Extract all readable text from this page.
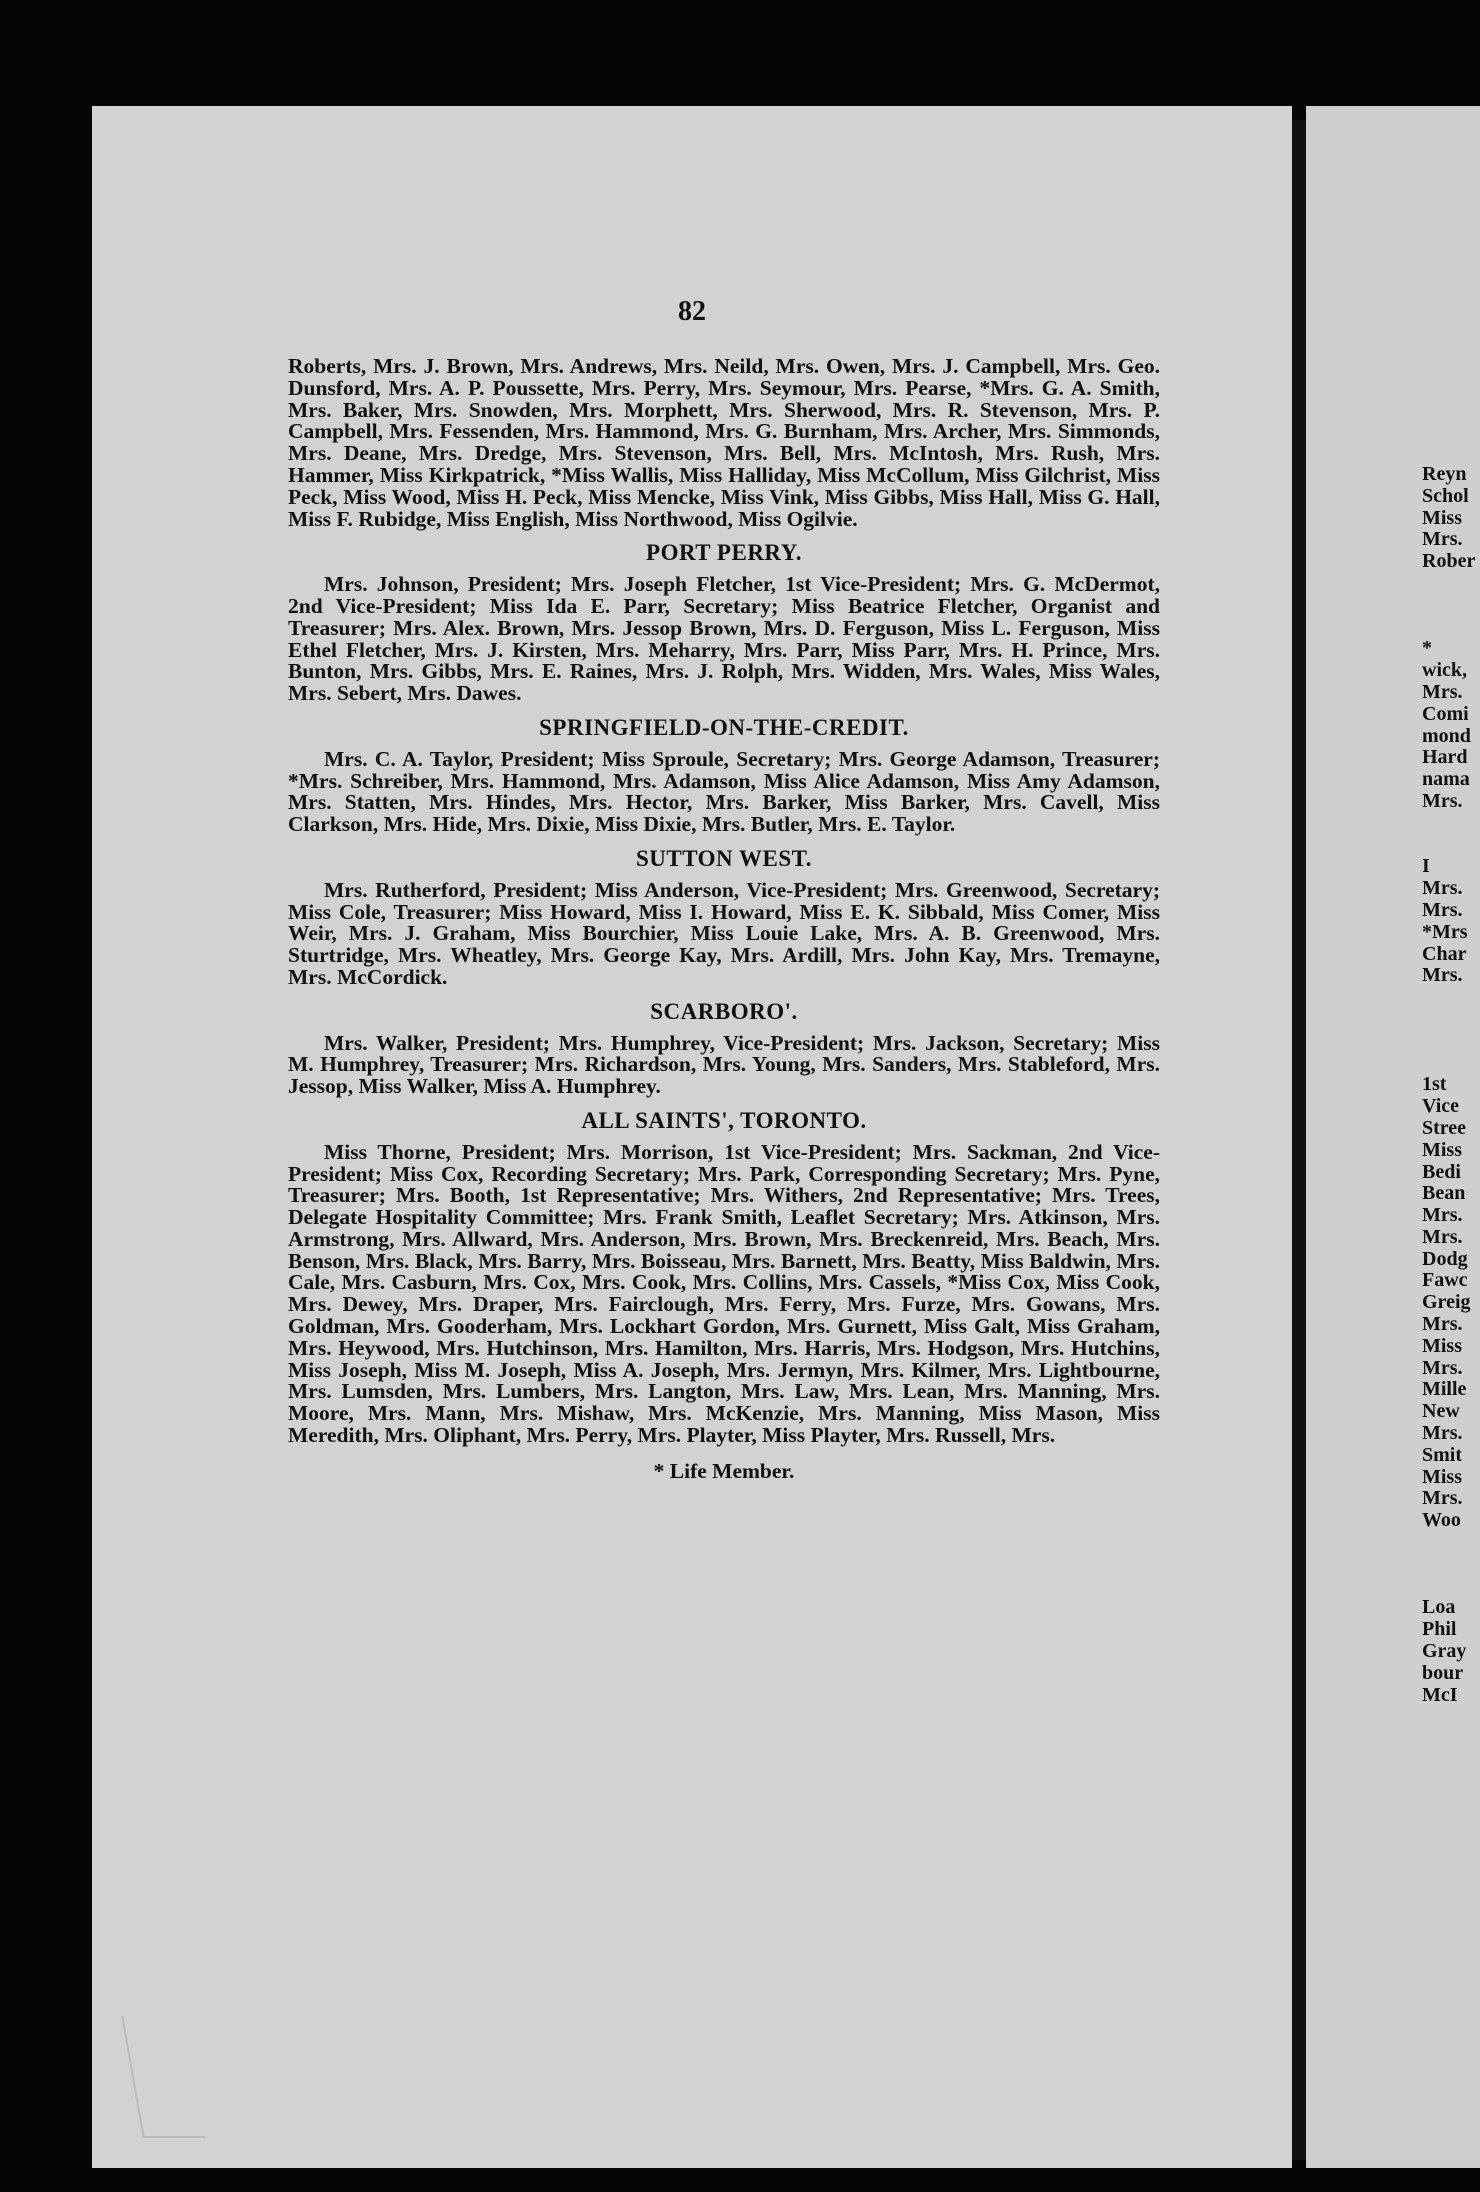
82

Roberts, Mrs. J. Brown, Mrs. Andrews, Mrs. Neild, Mrs. Owen, Mrs. J. Campbell, Mrs. Geo. Dunsford, Mrs. A. P. Poussette, Mrs. Perry, Mrs. Seymour, Mrs. Pearse, *Mrs. G. A. Smith, Mrs. Baker, Mrs. Snowden, Mrs. Morphett, Mrs. Sherwood, Mrs. R. Stevenson, Mrs. P. Campbell, Mrs. Fessenden, Mrs. Hammond, Mrs. G. Burnham, Mrs. Archer, Mrs. Simmonds, Mrs. Deane, Mrs. Dredge, Mrs. Stevenson, Mrs. Bell, Mrs. McIntosh, Mrs. Rush, Mrs. Hammer, Miss Kirkpatrick, *Miss Wallis, Miss Halliday, Miss McCollum, Miss Gilchrist, Miss Peck, Miss Wood, Miss H. Peck, Miss Mencke, Miss Vink, Miss Gibbs, Miss Hall, Miss G. Hall, Miss F. Rubidge, Miss English, Miss Northwood, Miss Ogilvie.

PORT PERRY.

Mrs. Johnson, President; Mrs. Joseph Fletcher, 1st Vice-President; Mrs. G. McDermot, 2nd Vice-President; Miss Ida E. Parr, Secretary; Miss Beatrice Fletcher, Organist and Treasurer; Mrs. Alex. Brown, Mrs. Jessop Brown, Mrs. D. Ferguson, Miss L. Ferguson, Miss Ethel Fletcher, Mrs. J. Kirsten, Mrs. Meharry, Mrs. Parr, Miss Parr, Mrs. H. Prince, Mrs. Bunton, Mrs. Gibbs, Mrs. E. Raines, Mrs. J. Rolph, Mrs. Widden, Mrs. Wales, Miss Wales, Mrs. Sebert, Mrs. Dawes.

SPRINGFIELD-ON-THE-CREDIT.

Mrs. C. A. Taylor, President; Miss Sproule, Secretary; Mrs. George Adamson, Treasurer; *Mrs. Schreiber, Mrs. Hammond, Mrs. Adamson, Miss Alice Adamson, Miss Amy Adamson, Mrs. Statten, Mrs. Hindes, Mrs. Hector, Mrs. Barker, Miss Barker, Mrs. Cavell, Miss Clarkson, Mrs. Hide, Mrs. Dixie, Miss Dixie, Mrs. Butler, Mrs. E. Taylor.

SUTTON WEST.

Mrs. Rutherford, President; Miss Anderson, Vice-President; Mrs. Greenwood, Secretary; Miss Cole, Treasurer; Miss Howard, Miss I. Howard, Miss E. K. Sibbald, Miss Comer, Miss Weir, Mrs. J. Graham, Miss Bourchier, Miss Louie Lake, Mrs. A. B. Greenwood, Mrs. Sturtridge, Mrs. Wheatley, Mrs. George Kay, Mrs. Ardill, Mrs. John Kay, Mrs. Tremayne, Mrs. McCordick.

SCARBORO'.

Mrs. Walker, President; Mrs. Humphrey, Vice-President; Mrs. Jackson, Secretary; Miss M. Humphrey, Treasurer; Mrs. Richardson, Mrs. Young, Mrs. Sanders, Mrs. Stableford, Mrs. Jessop, Miss Walker, Miss A. Humphrey.

ALL SAINTS', TORONTO.

Miss Thorne, President; Mrs. Morrison, 1st Vice-President; Mrs. Sackman, 2nd Vice-President; Miss Cox, Recording Secretary; Mrs. Park, Corresponding Secretary; Mrs. Pyne, Treasurer; Mrs. Booth, 1st Representative; Mrs. Withers, 2nd Representative; Mrs. Trees, Delegate Hospitality Committee; Mrs. Frank Smith, Leaflet Secretary; Mrs. Atkinson, Mrs. Armstrong, Mrs. Allward, Mrs. Anderson, Mrs. Brown, Mrs. Breckenreid, Mrs. Beach, Mrs. Benson, Mrs. Black, Mrs. Barry, Mrs. Boisseau, Mrs. Barnett, Mrs. Beatty, Miss Baldwin, Mrs. Cale, Mrs. Casburn, Mrs. Cox, Mrs. Cook, Mrs. Collins, Mrs. Cassels, *Miss Cox, Miss Cook, Mrs. Dewey, Mrs. Draper, Mrs. Fairclough, Mrs. Ferry, Mrs. Furze, Mrs. Gowans, Mrs. Goldman, Mrs. Gooderham, Mrs. Lockhart Gordon, Mrs. Gurnett, Miss Galt, Miss Graham, Mrs. Heywood, Mrs. Hutchinson, Mrs. Hamilton, Mrs. Harris, Mrs. Hodgson, Mrs. Hutchins, Miss Joseph, Miss M. Joseph, Miss A. Joseph, Mrs. Jermyn, Mrs. Kilmer, Mrs. Lightbourne, Mrs. Lumsden, Mrs. Lumbers, Mrs. Langton, Mrs. Law, Mrs. Lean, Mrs. Manning, Mrs. Moore, Mrs. Mann, Mrs. Mishaw, Mrs. McKenzie, Mrs. Manning, Miss Mason, Miss Meredith, Mrs. Oliphant, Mrs. Perry, Mrs. Playter, Miss Playter, Mrs. Russell, Mrs.

* Life Member.
Reyn
Schol
Miss
Mrs.
Rober

*
wick,
Mrs.
Comi
mond
Hard
nama
Mrs.

I
Mrs.
Mrs.
*Mrs
Char
Mrs.

1st
Vice
Stree
Miss
Bedi
Bean
Mrs.
Mrs.
Dodg
Fawc
Greig
Mrs.
Miss
Mrs.
Mille
New
Mrs.
Smit
Miss
Mrs.
Woo

Loa
Phil
Gray
bour
McI
